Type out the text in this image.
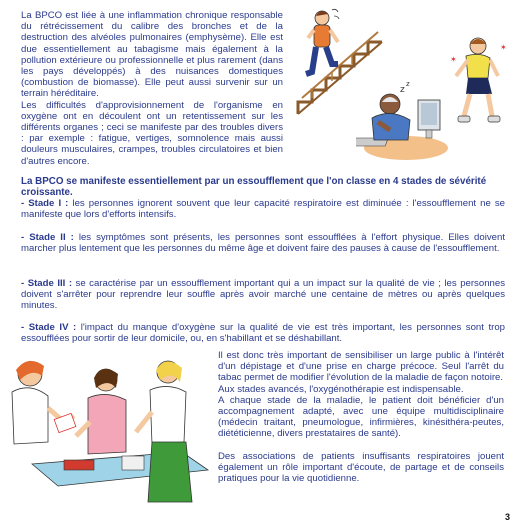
La BPCO est liée à une inflammation chronique responsable du rétrécissement du calibre des bronches et de la destruction des alvéoles pulmonaires (emphysème). Elle est due essentiellement au tabagisme mais également à la pollution extérieure ou professionnelle et plus rarement (dans les pays développés) à des nuisances domestiques (combustion de biomasse). Elle peut aussi survenir sur un terrain héréditaire.

Les difficultés d'approvisionnement de l'organisme en oxygène ont en découlent ont un retentissement sur les différents organes ; ceci se manifeste par des troubles divers : par exemple : fatigue, vertiges, somnolence mais aussi douleurs musculaires, crampes, troubles circulatoires et bien d'autres encore.

✶
✶
z
z
La BPCO se manifeste essentiellement par un essoufflement que l'on classe en 4 stades de sévérité croissante.

- Stade I : les personnes ignorent souvent que leur capacité respiratoire est diminuée : l'essoufflement ne se manifeste que lors d'efforts intensifs.

- Stade II : les symptômes sont présents, les personnes sont essoufflées à l'effort physique. Elles doivent marcher plus lentement que les personnes du même âge et doivent faire des pauses à cause de l'essoufflement.

- Stade III : se caractérise par un essoufflement important qui a un impact sur la qualité de vie ; les personnes doivent s'arrêter pour reprendre leur souffle après avoir marché une centaine de mètres ou après quelques minutes.

- Stade IV : l'impact du manque d'oxygène sur la qualité de vie est très important, les personnes sont trop essoufflées pour sortir de leur domicile, ou, en s'habillant et se déshabillant.

Il est donc très important de sensibiliser un large public à l'intérêt d'un dépistage et d'une prise en charge précoce. Seul l'arrêt du tabac permet de modifier l'évolution de la maladie de façon notoire.
Aux stades avancés, l'oxygénothérapie est indispensable.
A chaque stade de la maladie, le patient doit bénéficier d'un accompagnement adapté, avec une équipe multidisciplinaire (médecin traitant, pneumologue, infirmières, kinésithéra-peutes, diététicienne, divers prestataires de santé).

Des associations de patients insuffisants respiratoires jouent également un rôle important d'écoute, de partage et de conseils pratiques pour la vie quotidienne.

3
